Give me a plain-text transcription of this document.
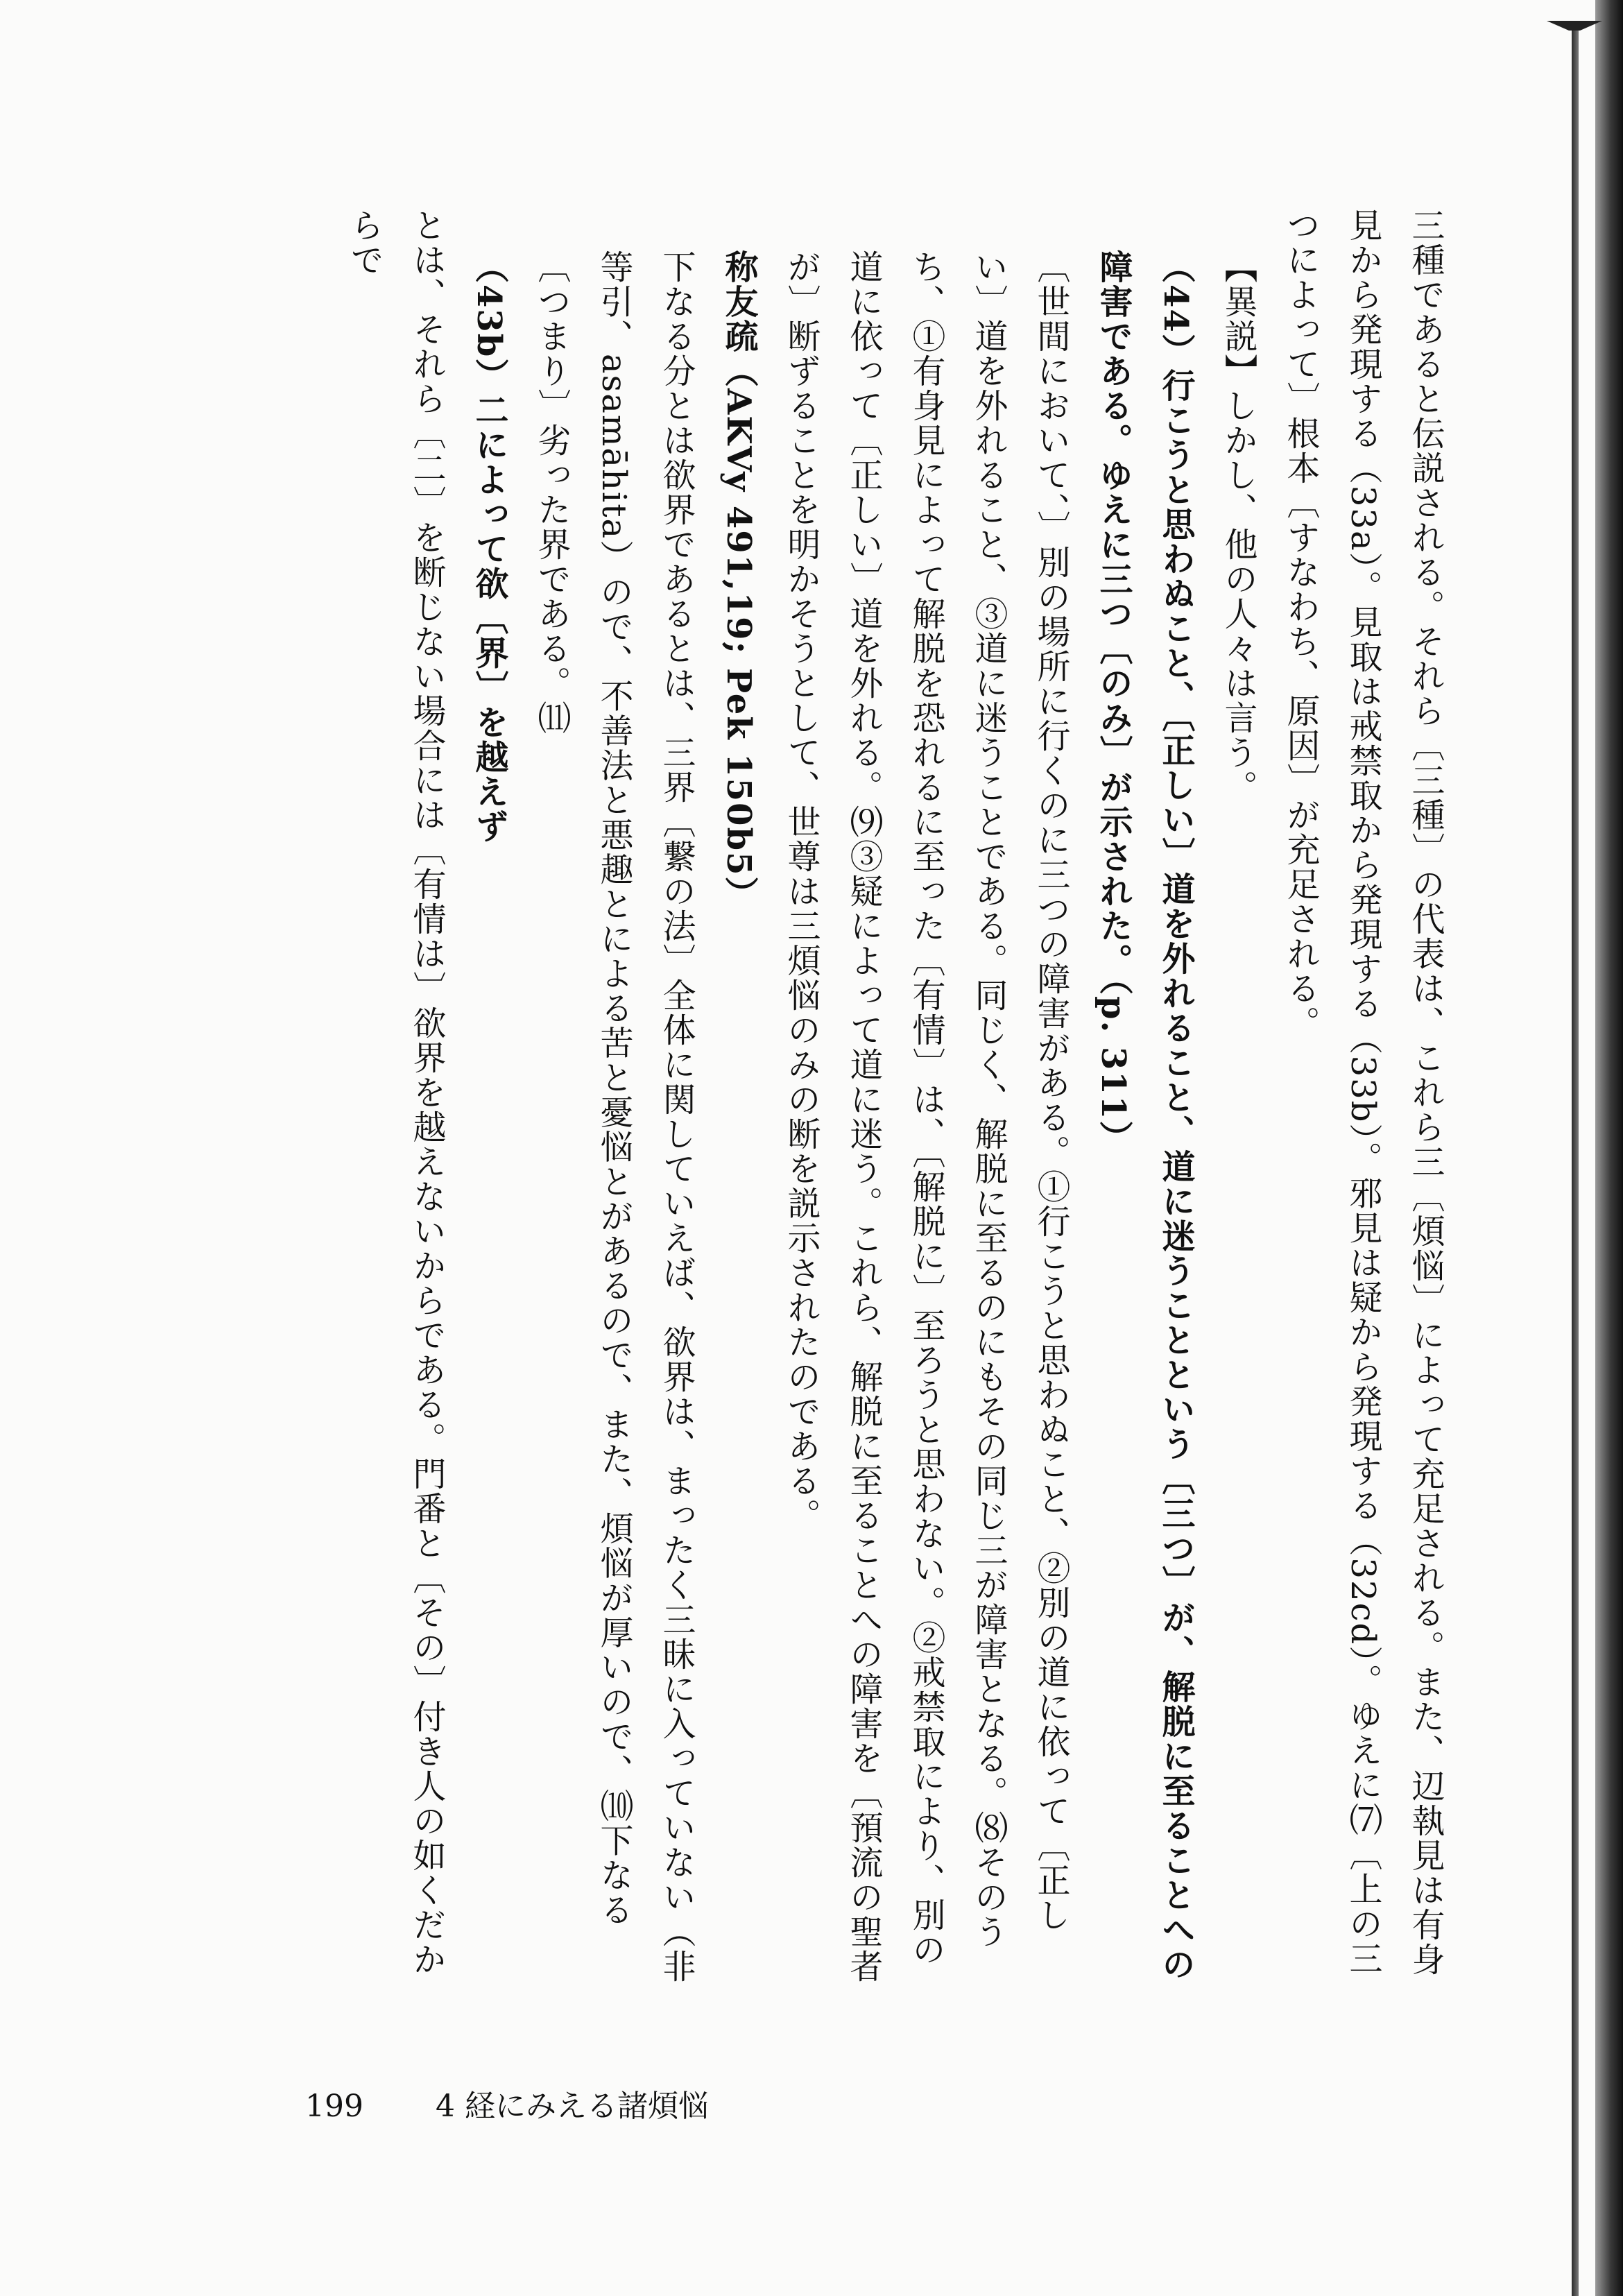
三種であると伝説される。それら〔三種〕の代表は、これら三〔煩悩〕によって充足される。また、辺執見は有身見から発現する（33a）。見取は戒禁取から発現する（33b）。邪見は疑から発現する（32cd）。ゆえに⑺〔上の三つによって〕根本〔すなわち、原因〕が充足される。

【異説】しかし、他の人々は言う。

（44）行こうと思わぬこと、〔正しい〕道を外れること、道に迷うことという〔三つ〕が、解脱に至ることへの障害である。ゆえに三つ〔のみ〕が示された。（p. 311）

〔世間において、〕別の場所に行くのに三つの障害がある。①行こうと思わぬこと、②別の道に依って〔正しい〕道を外れること、③道に迷うことである。同じく、解脱に至るのにもその同じ三が障害となる。⑻そのうち、①有身見によって解脱を恐れるに至った〔有情〕は、〔解脱に〕至ろうと思わない。②戒禁取により、別の道に依って〔正しい〕道を外れる。⑼③疑によって道に迷う。これら、解脱に至ることへの障害を〔預流の聖者が〕断ずることを明かそうとして、世尊は三煩悩のみの断を説示されたのである。

称友疏（AKVy 491,19; Pek 150b5）

下なる分とは欲界であるとは、三界〔繋の法〕全体に関していえば、欲界は、まったく三昧に入っていない（非等引、asamāhita）ので、不善法と悪趣とによる苦と憂悩とがあるので、また、煩悩が厚いので、⑽下なる〔つまり〕劣った界である。⑾

（43b）二によって欲〔界〕を越えず

とは、それら〔二〕を断じない場合には〔有情は〕欲界を越えないからである。門番と〔その〕付き人の如くだからで

199 4 経にみえる諸煩悩
